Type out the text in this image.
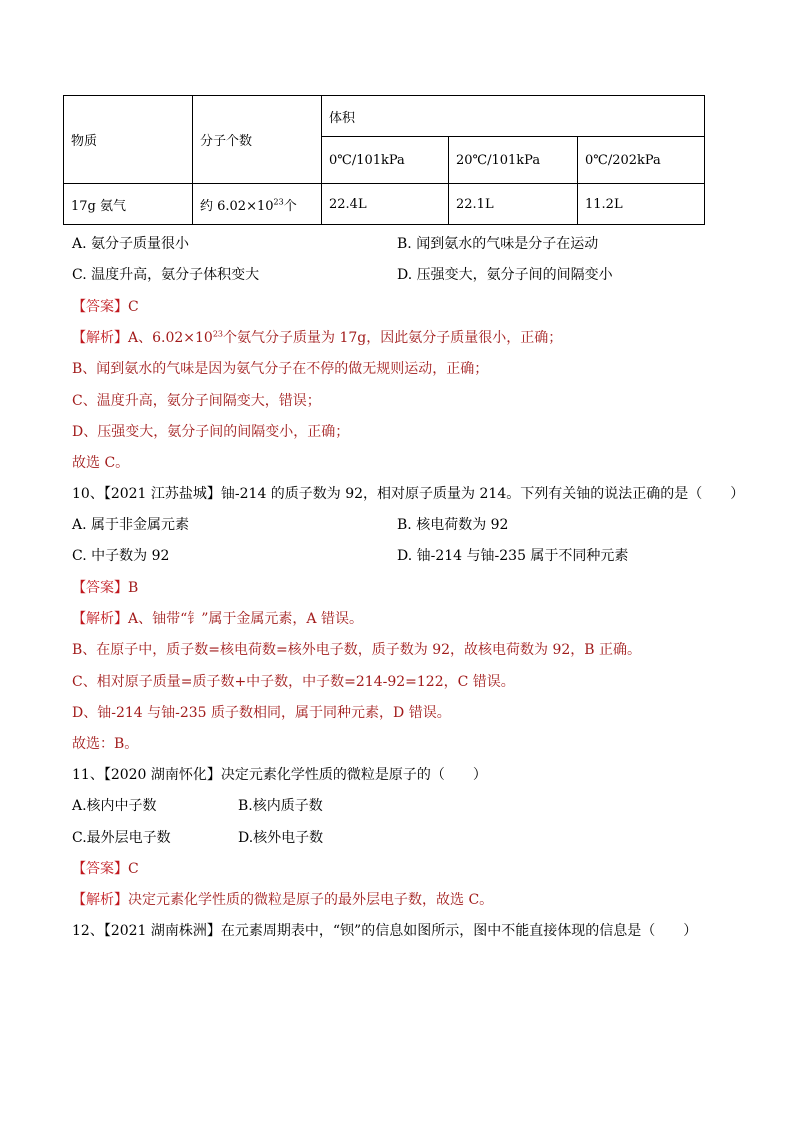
物质	分子个数	体积		
		0℃/101kPa	20℃/101kPa	0℃/202kPa
17g 氨气	约 $6.02\times 10^{23}$个	22.4L	22.1L	11.2L
A. 氨分子质量很小	B. 闻到氨水的气味是分子在运动
C. 温度升高，氨分子体积变大	D. 压强变大，氨分子间的间隔变小
【答案】C
【解析】A、$6.02\times 10^{23}$个氨气分子质量为 17g，因此氨分子质量很小，正确；
B、闻到氨水的气味是因为氨气分子在不停的做无规则运动，正确；
C、温度升高，氨分子间隔变大，错误；
D、压强变大，氨分子间的间隔变小，正确；
故选 C。
10、【2021 江苏盐城】铀-214 的质子数为 92，相对原子质量为 214。下列有关铀的说法正确的是（　　）
A. 属于非金属元素	B. 核电荷数为 92
C. 中子数为 92	D. 铀-214 与铀-235 属于不同种元素
【答案】B
【解析】A、铀带“钅”属于金属元素，A 错误。
B、在原子中，质子数=核电荷数=核外电子数，质子数为 92，故核电荷数为 92，B 正确。
C、相对原子质量=质子数+中子数，中子数=214-92=122，C 错误。
D、铀-214 与铀-235 质子数相同，属于同种元素，D 错误。
故选：B。
11、【2020 湖南怀化】决定元素化学性质的微粒是原子的（　　）
A.核内中子数	B.核内质子数
C.最外层电子数	D.核外电子数
【答案】C
【解析】决定元素化学性质的微粒是原子的最外层电子数，故选 C。
12、【2021 湖南株洲】在元素周期表中，“钡”的信息如图所示，图中不能直接体现的信息是（　　）
